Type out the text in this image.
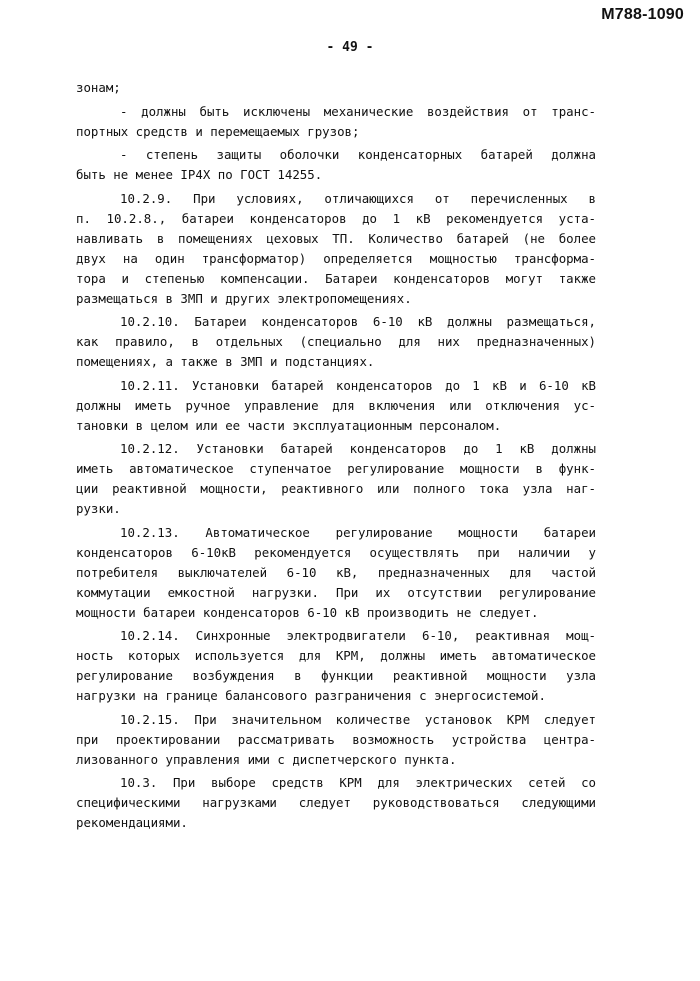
M788-1090
- 49 -
зонам;
- должны быть исключены механические воздействия от транс-
портных средств и перемещаемых грузов;
- степень защиты оболочки конденсаторных батарей должна
быть не менее IP4X по ГОСТ 14255.
10.2.9. При условиях, отличающихся от перечисленных в
п. 10.2.8., батареи конденсаторов до 1 кВ рекомендуется уста-
навливать в помещениях цеховых ТП. Количество батарей (не более
двух на один трансформатор) определяется мощностью трансформа-
тора и степенью компенсации. Батареи конденсаторов могут также
размещаться в ЗМП и других электропомещениях.
10.2.10. Батареи конденсаторов 6-10 кВ должны размещаться,
как правило, в отдельных (специально для них предназначенных)
помещениях, а также в ЗМП и подстанциях.
10.2.11. Установки батарей конденсаторов до 1 кВ и 6-10 кВ
должны иметь ручное управление для включения или отключения ус-
тановки в целом или ее части эксплуатационным персоналом.
10.2.12. Установки батарей конденсаторов до 1 кВ должны
иметь автоматическое ступенчатое регулирование мощности в функ-
ции реактивной мощности, реактивного или полного тока узла наг-
рузки.
10.2.13. Автоматическое регулирование мощности батареи
конденсаторов 6-10кВ рекомендуется осуществлять при наличии у
потребителя выключателей 6-10 кВ, предназначенных для частой
коммутации емкостной нагрузки. При их отсутствии регулирование
мощности батареи конденсаторов 6-10 кВ производить не следует.
10.2.14. Синхронные электродвигатели 6-10, реактивная мощ-
ность которых используется для КРМ, должны иметь автоматическое
регулирование возбуждения в функции реактивной мощности узла
нагрузки на границе балансового разграничения с энергосистемой.
10.2.15. При значительном количестве установок КРМ следует
при проектировании рассматривать возможность устройства центра-
лизованного управления ими с диспетчерского пункта.
10.3. При выборе средств КРМ для электрических сетей со
специфическими нагрузками следует руководствоваться следующими
рекомендациями.
